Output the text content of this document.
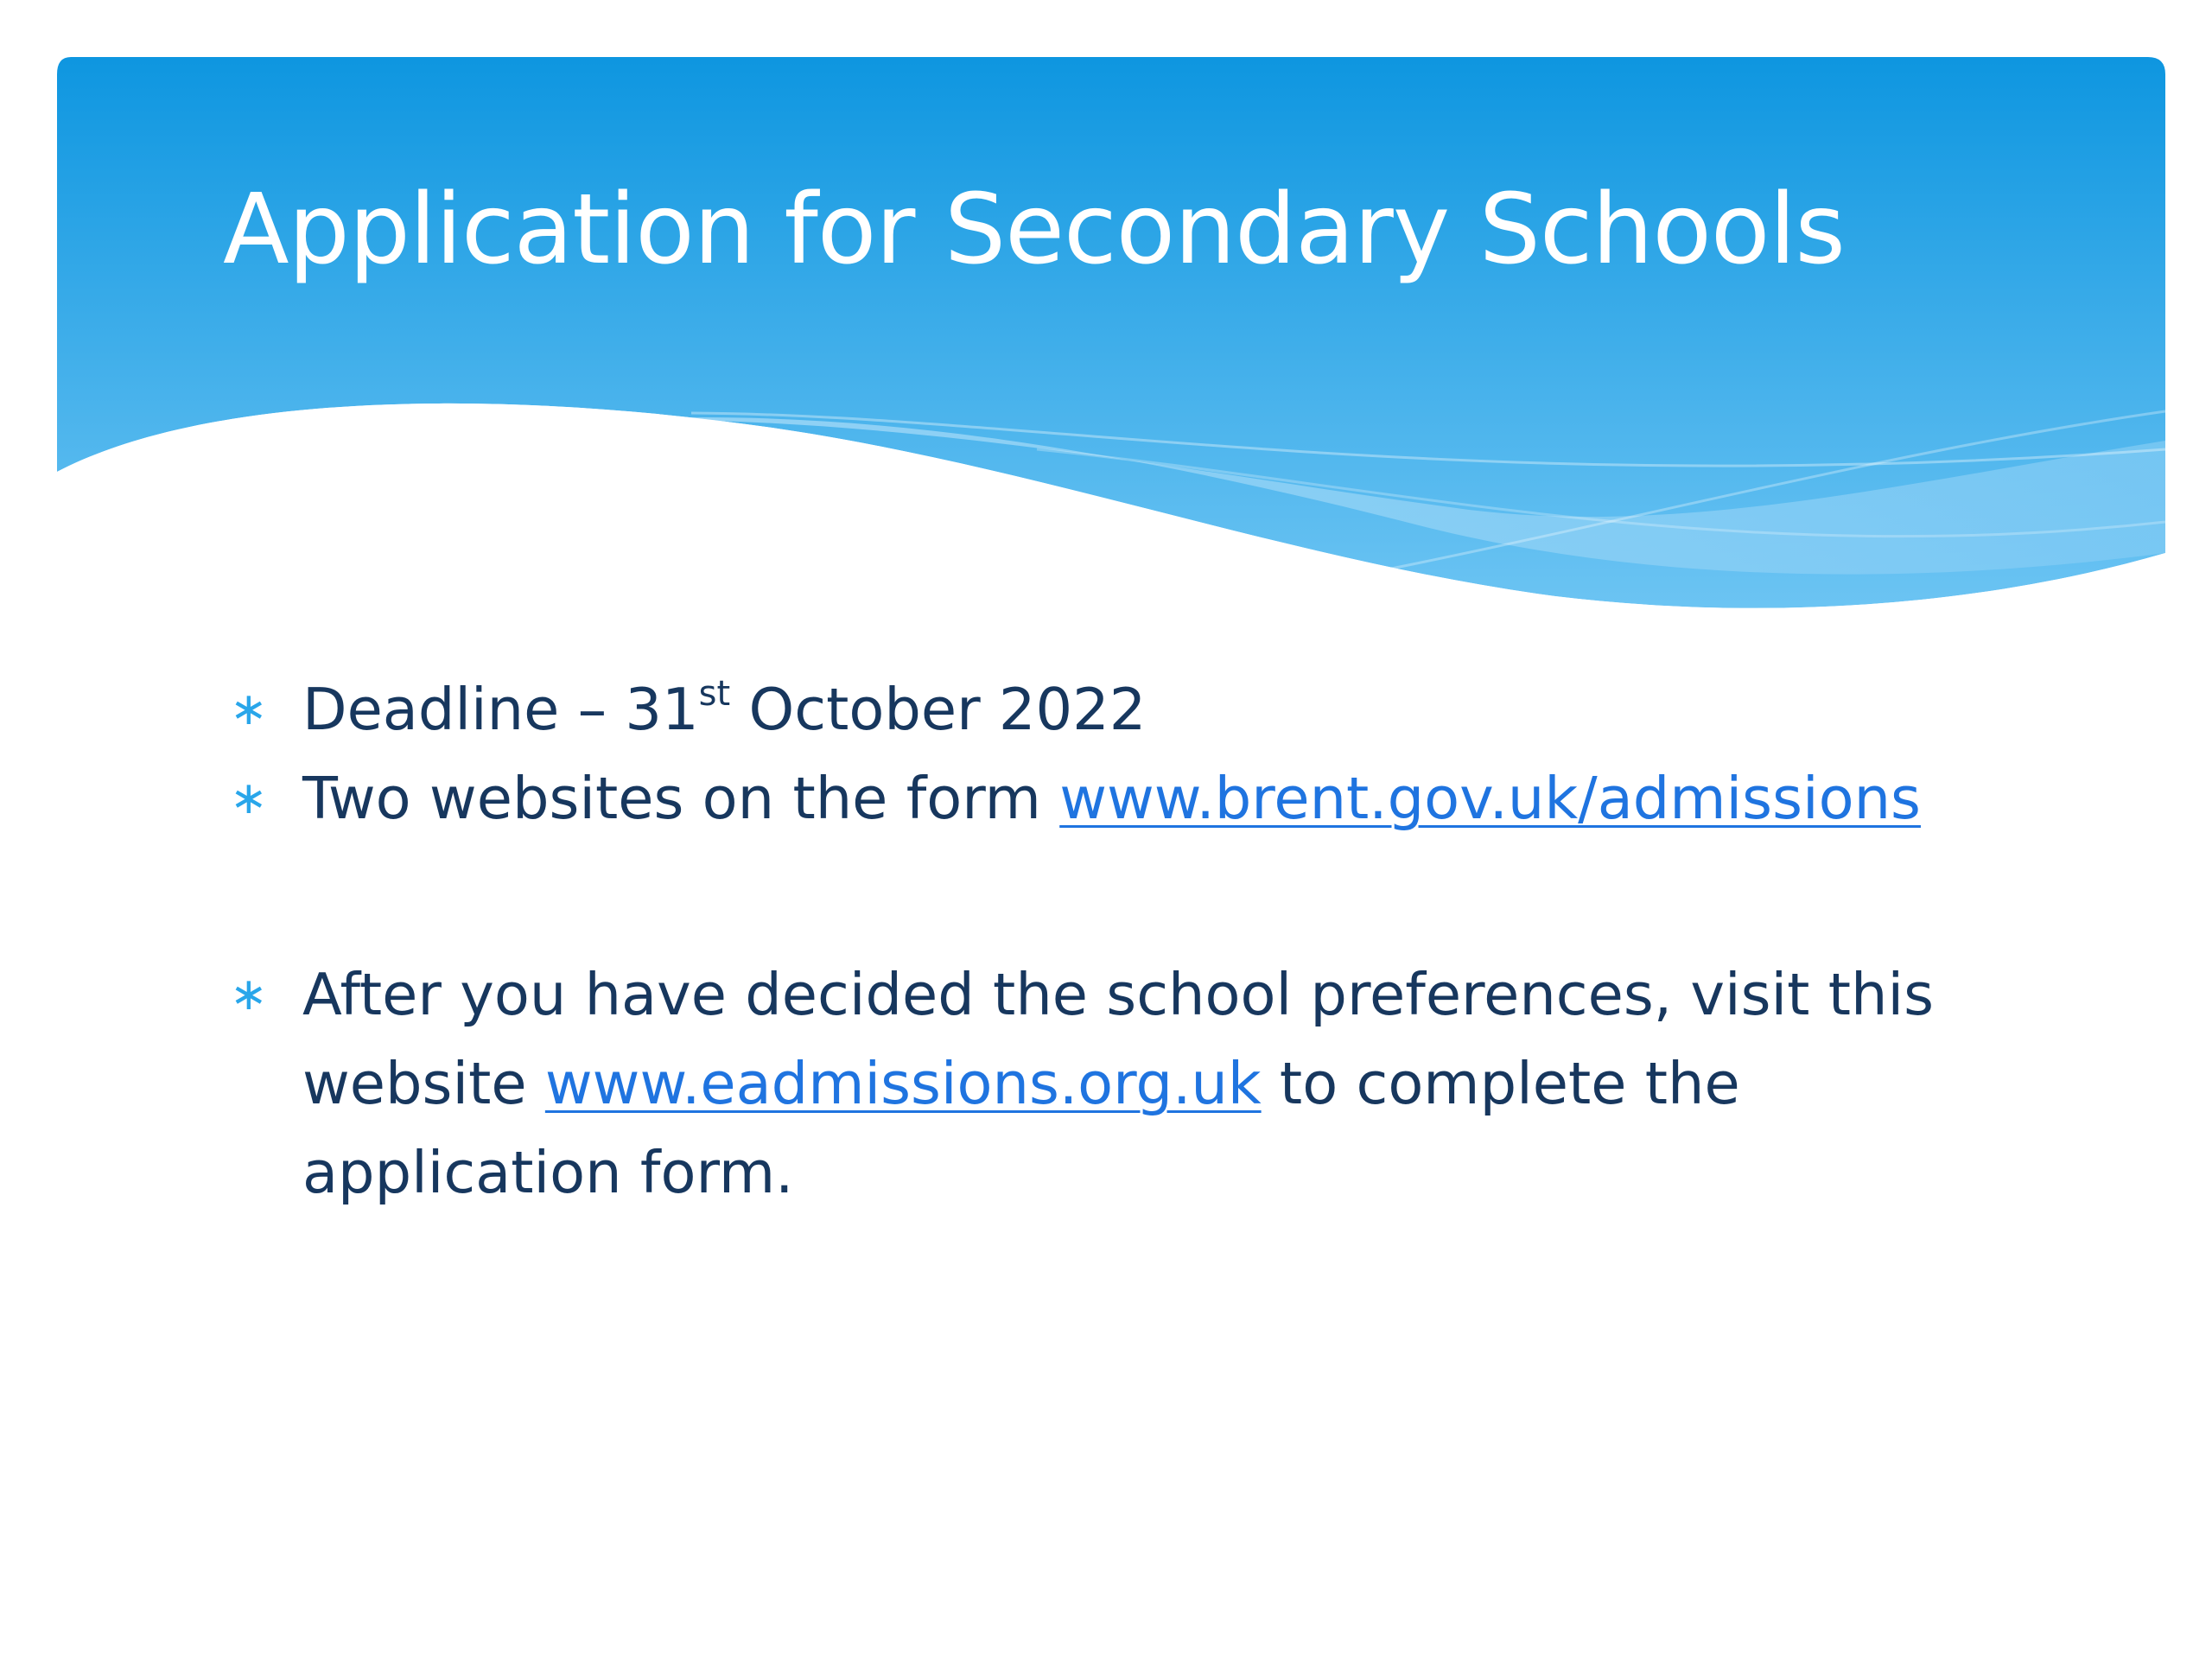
Application for Secondary Schools
∗ Deadline – 31st October 2022
∗ Two websites on the form www.brent.gov.uk/admissions
∗ After you have decided the school preferences, visit this
website www.eadmissions.org.uk to complete the
application form.
